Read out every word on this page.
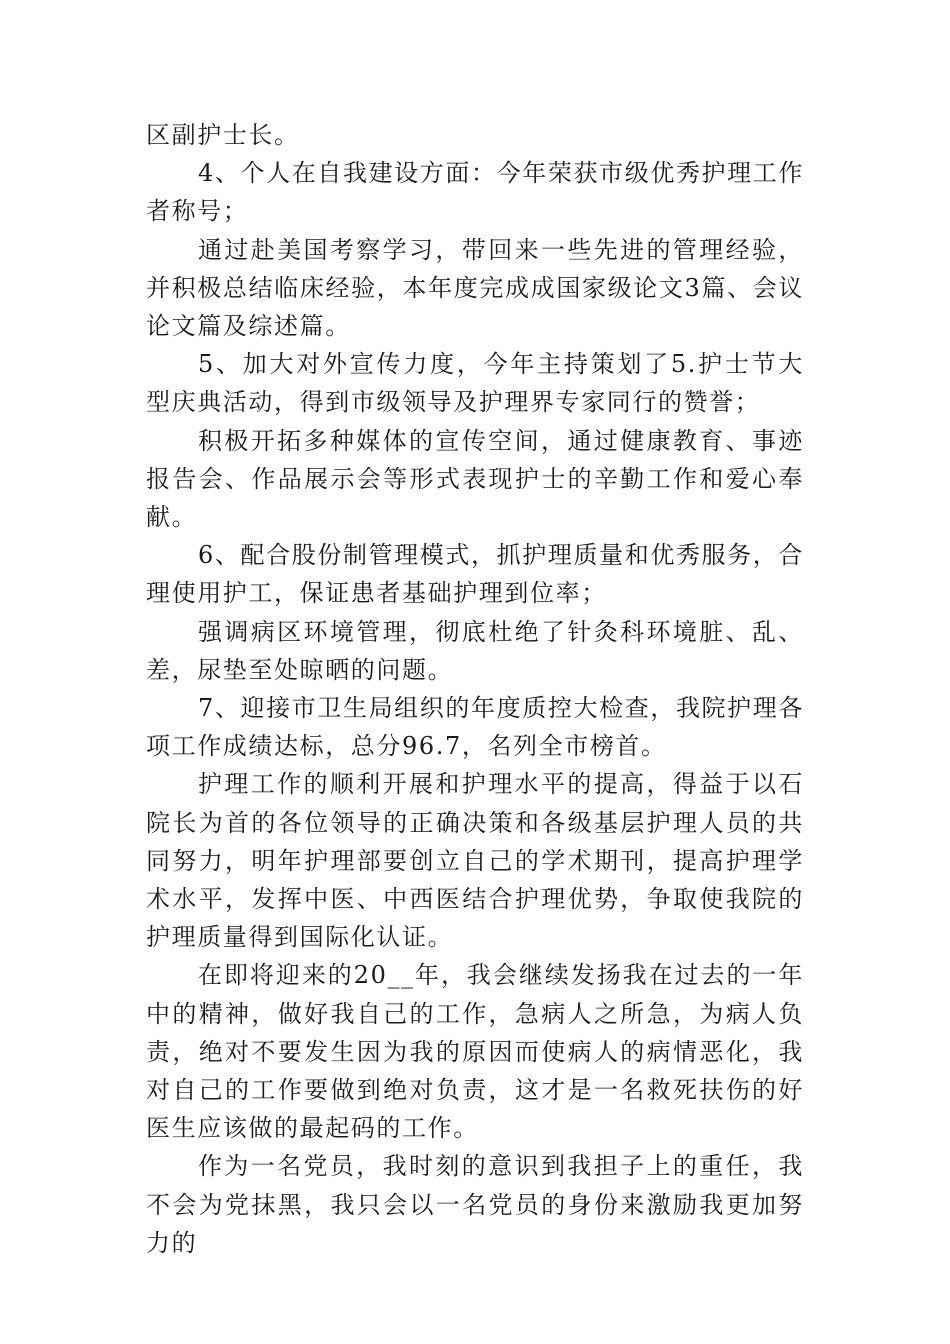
区副护士长。

4、个人在自我建设方面：今年荣获市级优秀护理工作者称号；

通过赴美国考察学习，带回来一些先进的管理经验，并积极总结临床经验，本年度完成成国家级论文3篇、会议论文篇及综述篇。

5、加大对外宣传力度，今年主持策划了5.护士节大型庆典活动，得到市级领导及护理界专家同行的赞誉；

积极开拓多种媒体的宣传空间，通过健康教育、事迹报告会、作品展示会等形式表现护士的辛勤工作和爱心奉献。

6、配合股份制管理模式，抓护理质量和优秀服务，合理使用护工，保证患者基础护理到位率；

强调病区环境管理，彻底杜绝了针灸科环境脏、乱、差，尿垫至处晾晒的问题。

7、迎接市卫生局组织的年度质控大检查，我院护理各项工作成绩达标，总分96.7，名列全市榜首。

护理工作的顺利开展和护理水平的提高，得益于以石院长为首的各位领导的正确决策和各级基层护理人员的共同努力，明年护理部要创立自己的学术期刊，提高护理学术水平，发挥中医、中西医结合护理优势，争取使我院的护理质量得到国际化认证。

在即将迎来的20__年，我会继续发扬我在过去的一年中的精神，做好我自己的工作，急病人之所急，为病人负责，绝对不要发生因为我的原因而使病人的病情恶化，我对自己的工作要做到绝对负责，这才是一名救死扶伤的好医生应该做的最起码的工作。

作为一名党员，我时刻的意识到我担子上的重任，我不会为党抹黑，我只会以一名党员的身份来激励我更加努力的
